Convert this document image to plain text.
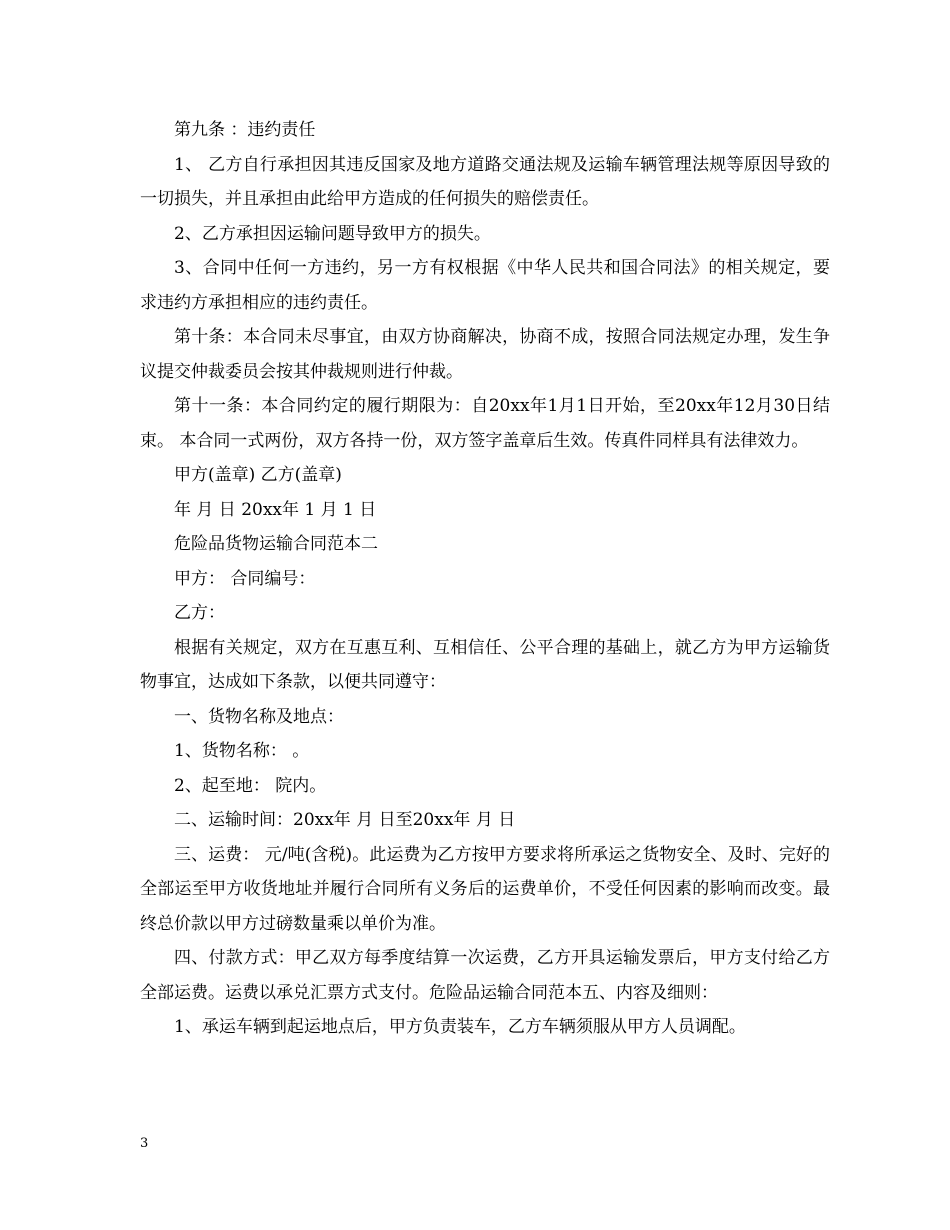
第九条 ：违约责任

1、 乙方自行承担因其违反国家及地方道路交通法规及运输车辆管理法规等原因导致的一切损失，并且承担由此给甲方造成的任何损失的赔偿责任。

2、乙方承担因运输问题导致甲方的损失。

3、合同中任何一方违约，另一方有权根据《中华人民共和国合同法》的相关规定，要求违约方承担相应的违约责任。

第十条：本合同未尽事宜，由双方协商解决，协商不成，按照合同法规定办理，发生争议提交仲裁委员会按其仲裁规则进行仲裁。

第十一条：本合同约定的履行期限为：自20xx年1月1日开始，至20xx年12月30日结束。 本合同一式两份，双方各持一份，双方签字盖章后生效。传真件同样具有法律效力。

甲方(盖章) 乙方(盖章)

年 月 日 20xx年 1 月 1 日

危险品货物运输合同范本二

甲方： 合同编号：

乙方：

根据有关规定，双方在互惠互利、互相信任、公平合理的基础上，就乙方为甲方运输货物事宜，达成如下条款，以便共同遵守：

一、货物名称及地点：

1、货物名称： 。

2、起至地： 院内。

二、运输时间：20xx年 月 日至20xx年 月 日

三、运费： 元/吨(含税)。此运费为乙方按甲方要求将所承运之货物安全、及时、完好的全部运至甲方收货地址并履行合同所有义务后的运费单价，不受任何因素的影响而改变。最终总价款以甲方过磅数量乘以单价为准。

四、付款方式：甲乙双方每季度结算一次运费，乙方开具运输发票后，甲方支付给乙方全部运费。运费以承兑汇票方式支付。危险品运输合同范本五、内容及细则：

1、承运车辆到起运地点后，甲方负责装车，乙方车辆须服从甲方人员调配。

3
